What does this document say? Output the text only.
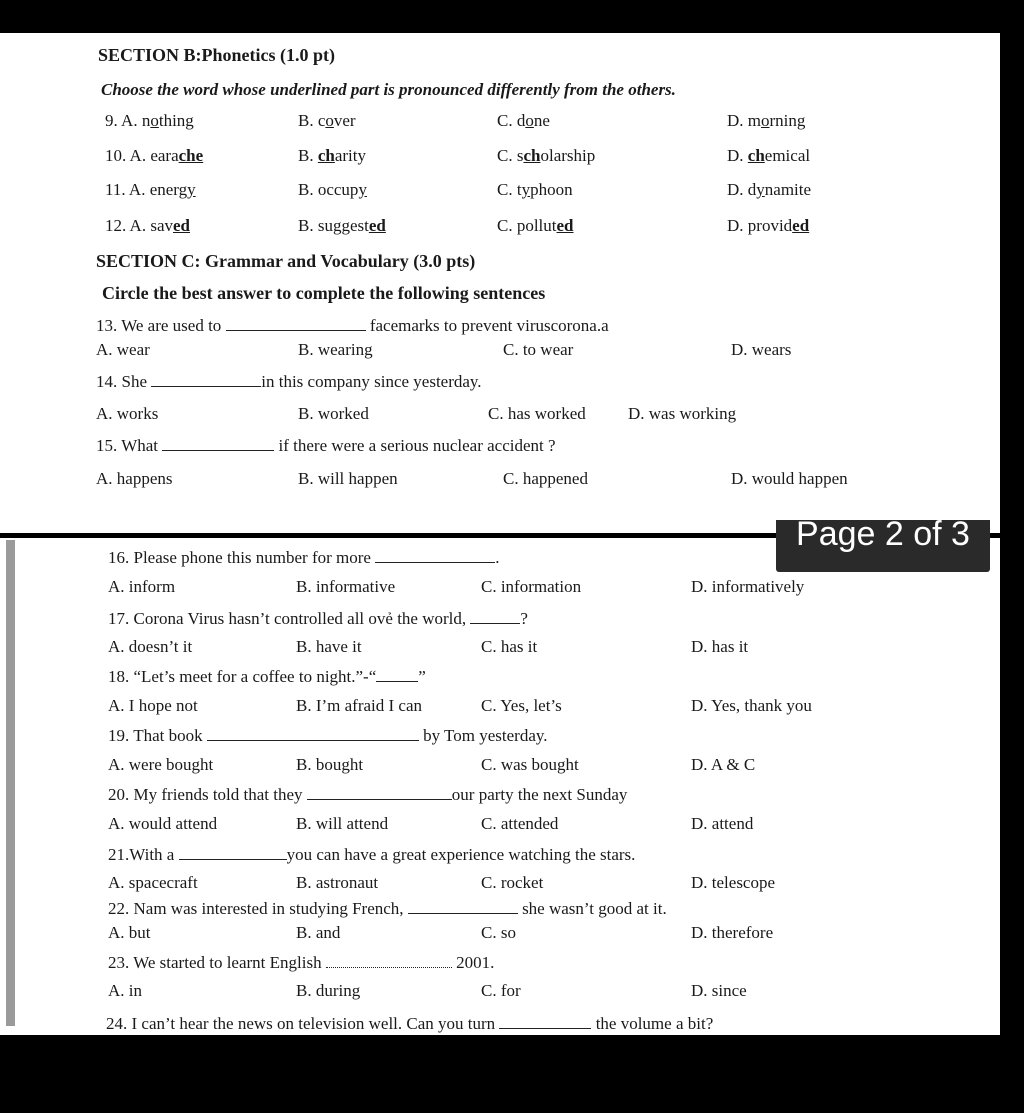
Page 2 of 3
SECTION B:Phonetics (1.0 pt)
Choose the word whose underlined part is pronounced differently from the others.
9. A. nothing	B. cover	C. done	D. morning
10. A. earache	B. charity	C. scholarship	D. chemical
11. A. energy	B. occupy	C. typhoon	D. dynamite
12. A. saved	B. suggested	C. polluted	D. provided
SECTION C: Grammar and Vocabulary (3.0 pts)
Circle the best answer to complete the following sentences
13. We are used to	facemarks to prevent viruscorona.a
A. wear	B. wearing	C. to wear	D. wears
14. She	in this company since yesterday.
A. works	B. worked	C. has worked D. was working
15. What	if there were a serious nuclear accident ?
A. happens	B. will happen	C. happened	D. would happen
16. Please phone this number for more	.
A. inform	B. informative	C. information	D. informatively
17. Corona Virus hasn’t controlled all ovẻ the world,	?
A. doesn’t it	B. have it	C. has it	D. has it
18. “Let’s meet for a coffee to night.”-“ ”
A. I hope not	B. I’m afraid I can	C. Yes, let’s	D. Yes, thank you
19. That book	by Tom yesterday.
A. were bought	B. bought	C. was bought	D. A & C
20. My friends told that they	our party the next Sunday
A. would attend	B. will attend	C. attended	D. attend
21.With a	you can have a great experience watching the stars.
A. spacecraft	B. astronaut	C. rocket	D. telescope
22. Nam was interested in studying French,	she wasn’t good at it.
A. but	B. and	C. so	D. therefore
23. We started to learnt English	2001.
A. in	B. during	C. for	D. since
24. I can’t hear the news on television well. Can you turn	the volume a bit?
